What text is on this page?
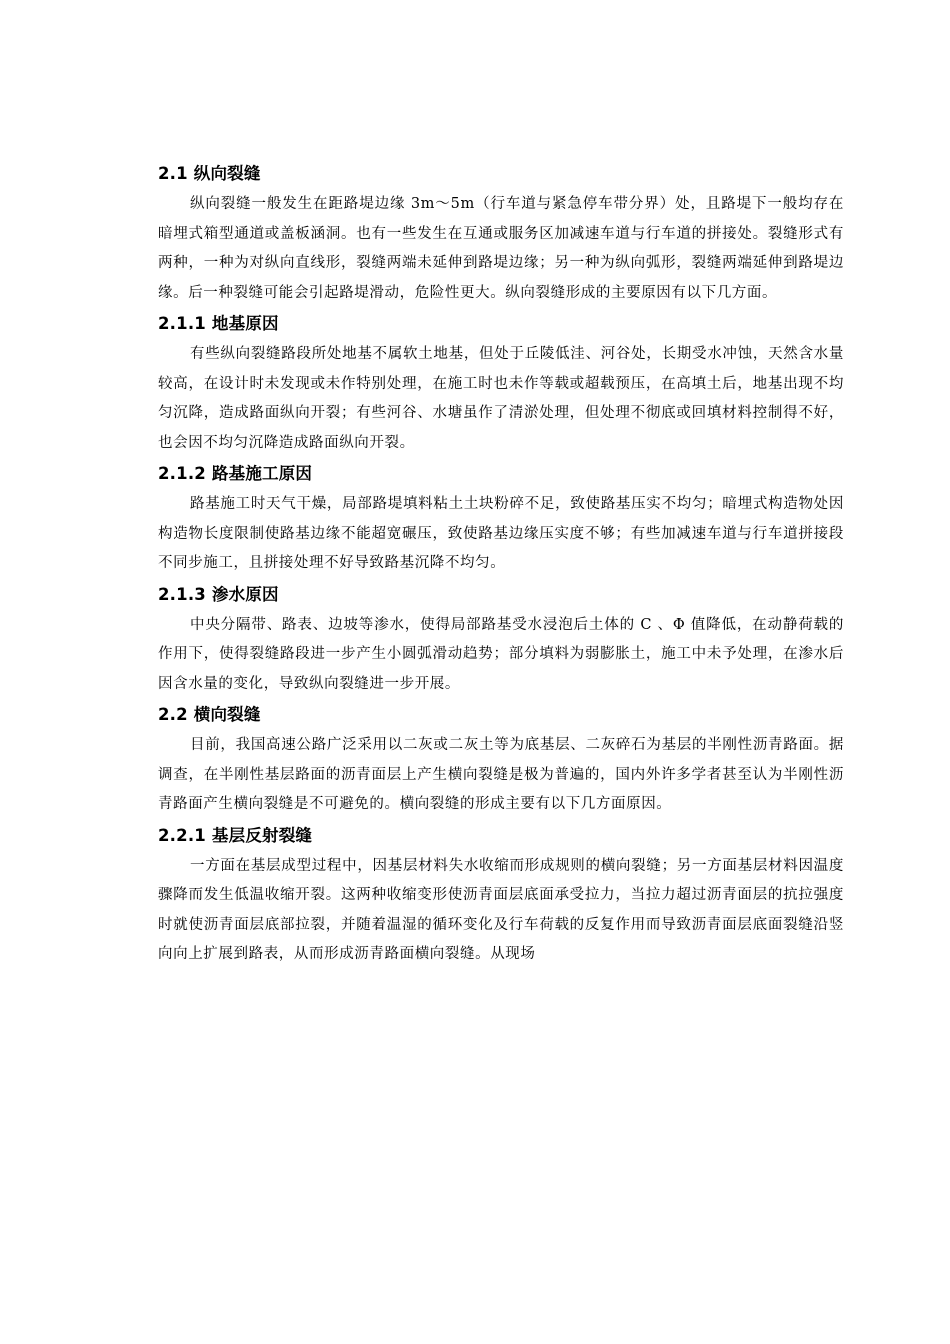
2.1 纵向裂缝

纵向裂缝一般发生在距路堤边缘 3m～5m（行车道与紧急停车带分界）处，且路堤下一般均存在暗埋式箱型通道或盖板涵洞。也有一些发生在互通或服务区加减速车道与行车道的拼接处。裂缝形式有两种，一种为对纵向直线形，裂缝两端未延伸到路堤边缘；另一种为纵向弧形，裂缝两端延伸到路堤边缘。后一种裂缝可能会引起路堤滑动，危险性更大。纵向裂缝形成的主要原因有以下几方面。

2.1.1 地基原因

有些纵向裂缝路段所处地基不属软土地基，但处于丘陵低洼、河谷处，长期受水冲蚀，天然含水量较高，在设计时未发现或未作特别处理，在施工时也未作等载或超载预压，在高填土后，地基出现不均匀沉降，造成路面纵向开裂；有些河谷、水塘虽作了清淤处理，但处理不彻底或回填材料控制得不好，也会因不均匀沉降造成路面纵向开裂。

2.1.2 路基施工原因

路基施工时天气干燥，局部路堤填料粘土土块粉碎不足，致使路基压实不均匀；暗埋式构造物处因构造物长度限制使路基边缘不能超宽碾压，致使路基边缘压实度不够；有些加减速车道与行车道拼接段不同步施工，且拼接处理不好导致路基沉降不均匀。

2.1.3 渗水原因

中央分隔带、路表、边坡等渗水，使得局部路基受水浸泡后土体的 C 、Φ 值降低，在动静荷载的作用下，使得裂缝路段进一步产生小圆弧滑动趋势；部分填料为弱膨胀土，施工中未予处理，在渗水后因含水量的变化，导致纵向裂缝进一步开展。

2.2 横向裂缝

目前，我国高速公路广泛采用以二灰或二灰土等为底基层、二灰碎石为基层的半刚性沥青路面。据调查，在半刚性基层路面的沥青面层上产生横向裂缝是极为普遍的，国内外许多学者甚至认为半刚性沥青路面产生横向裂缝是不可避免的。横向裂缝的形成主要有以下几方面原因。

2.2.1 基层反射裂缝

一方面在基层成型过程中，因基层材料失水收缩而形成规则的横向裂缝；另一方面基层材料因温度骤降而发生低温收缩开裂。这两种收缩变形使沥青面层底面承受拉力，当拉力超过沥青面层的抗拉强度时就使沥青面层底部拉裂，并随着温湿的循环变化及行车荷载的反复作用而导致沥青面层底面裂缝沿竖向向上扩展到路表，从而形成沥青路面横向裂缝。从现场
